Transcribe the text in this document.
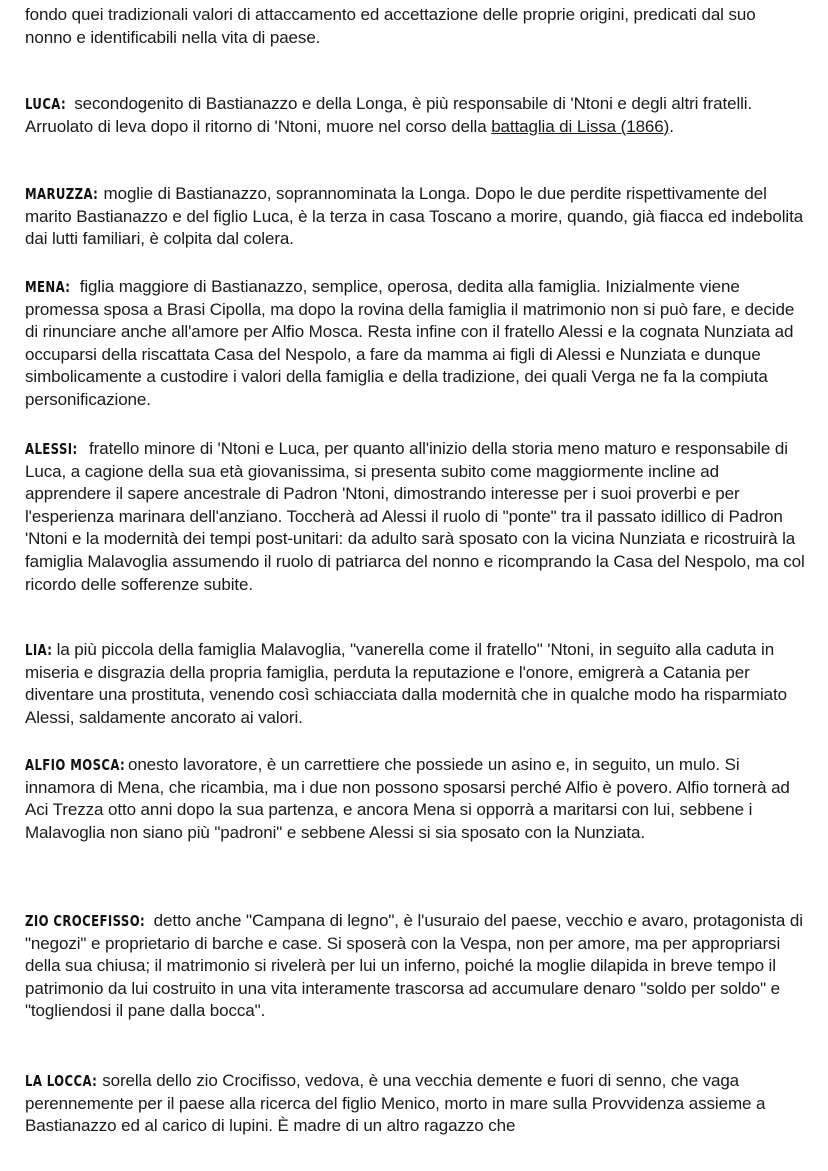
fondo quei tradizionali valori di attaccamento ed accettazione delle proprie origini, predicati dal suo nonno e identificabili nella vita di paese.

LUCA: secondogenito di Bastianazzo e della Longa, è più responsabile di 'Ntoni e degli altri fratelli. Arruolato di leva dopo il ritorno di 'Ntoni, muore nel corso della battaglia di Lissa (1866).

MARUZZA: moglie di Bastianazzo, soprannominata la Longa. Dopo le due perdite rispettivamente del marito Bastianazzo e del figlio Luca, è la terza in casa Toscano a morire, quando, già fiacca ed indebolita dai lutti familiari, è colpita dal colera.

MENA: figlia maggiore di Bastianazzo, semplice, operosa, dedita alla famiglia. Inizialmente viene promessa sposa a Brasi Cipolla, ma dopo la rovina della famiglia il matrimonio non si può fare, e decide di rinunciare anche all'amore per Alfio Mosca. Resta infine con il fratello Alessi e la cognata Nunziata ad occuparsi della riscattata Casa del Nespolo, a fare da mamma ai figli di Alessi e Nunziata e dunque simbolicamente a custodire i valori della famiglia e della tradizione, dei quali Verga ne fa la compiuta personificazione.

ALESSI: fratello minore di 'Ntoni e Luca, per quanto all'inizio della storia meno maturo e responsabile di Luca, a cagione della sua età giovanissima, si presenta subito come maggiormente incline ad apprendere il sapere ancestrale di Padron 'Ntoni, dimostrando interesse per i suoi proverbi e per l'esperienza marinara dell'anziano. Toccherà ad Alessi il ruolo di "ponte" tra il passato idillico di Padron 'Ntoni e la modernità dei tempi post-unitari: da adulto sarà sposato con la vicina Nunziata e ricostruirà la famiglia Malavoglia assumendo il ruolo di patriarca del nonno e ricomprando la Casa del Nespolo, ma col ricordo delle sofferenze subite.

LIA: la più piccola della famiglia Malavoglia, "vanerella come il fratello" 'Ntoni, in seguito alla caduta in miseria e disgrazia della propria famiglia, perduta la reputazione e l'onore, emigrerà a Catania per diventare una prostituta, venendo così schiacciata dalla modernità che in qualche modo ha risparmiato Alessi, saldamente ancorato ai valori.

ALFIO MOSCA: onesto lavoratore, è un carrettiere che possiede un asino e, in seguito, un mulo. Si innamora di Mena, che ricambia, ma i due non possono sposarsi perché Alfio è povero. Alfio tornerà ad Aci Trezza otto anni dopo la sua partenza, e ancora Mena si opporrà a maritarsi con lui, sebbene i Malavoglia non siano più "padroni" e sebbene Alessi si sia sposato con la Nunziata.

ZIO CROCEFISSO: detto anche "Campana di legno", è l'usuraio del paese, vecchio e avaro, protagonista di "negozi" e proprietario di barche e case. Si sposerà con la Vespa, non per amore, ma per appropriarsi della sua chiusa; il matrimonio si rivelerà per lui un inferno, poiché la moglie dilapida in breve tempo il patrimonio da lui costruito in una vita interamente trascorsa ad accumulare denaro "soldo per soldo" e "togliendosi il pane dalla bocca".

LA LOCCA: sorella dello zio Crocifisso, vedova, è una vecchia demente e fuori di senno, che vaga perennemente per il paese alla ricerca del figlio Menico, morto in mare sulla Provvidenza assieme a Bastianazzo ed al carico di lupini. È madre di un altro ragazzo che
